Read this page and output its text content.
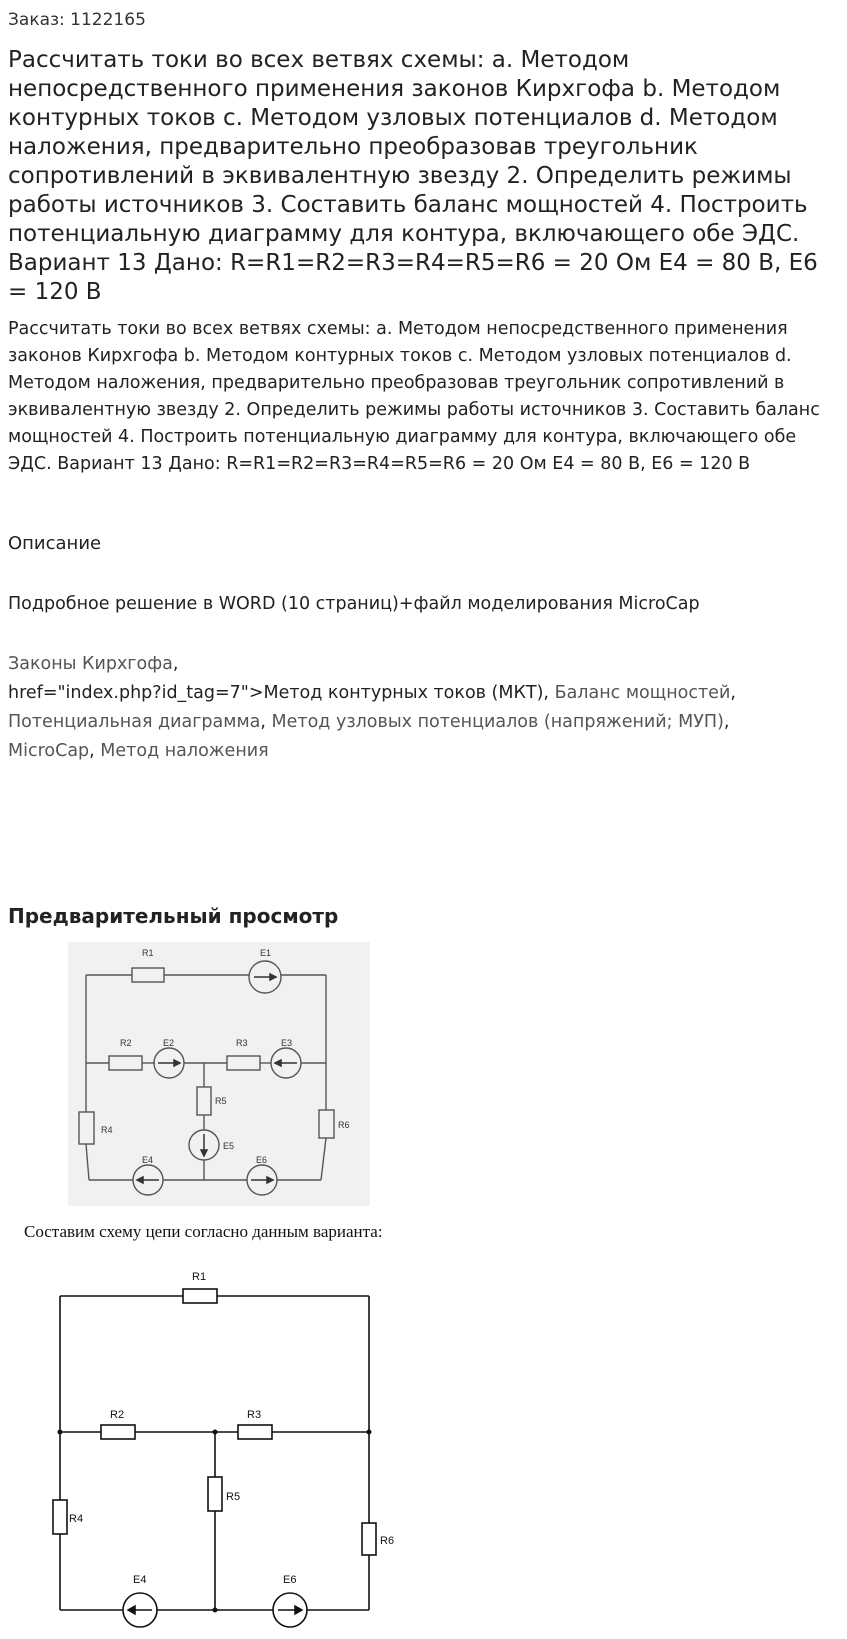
Заказ: 1122165
Рассчитать токи во всех ветвях схемы: a. Методом непосредственного применения законов Кирхгофа b. Методом контурных токов c. Методом узловых потенциалов d. Методом наложения, предварительно преобразовав треугольник сопротивлений в эквивалентную звезду 2. Определить режимы работы источников 3. Составить баланс мощностей 4. Построить потенциальную диаграмму для контура, включающего обе ЭДС. Вариант 13 Дано: R=R1=R2=R3=R4=R5=R6 = 20 Ом E4 = 80 В, E6 = 120 В
Рассчитать токи во всех ветвях схемы: a. Методом непосредственного применения законов Кирхгофа b. Методом контурных токов c. Методом узловых потенциалов d. Методом наложения, предварительно преобразовав треугольник сопротивлений в эквивалентную звезду 2. Определить режимы работы источников 3. Составить баланс мощностей 4. Построить потенциальную диаграмму для контура, включающего обе ЭДС. Вариант 13 Дано: R=R1=R2=R3=R4=R5=R6 = 20 Ом E4 = 80 В, E6 = 120 В
Описание
Подробное решение в WORD (10 страниц)+файл моделирования MicroCap
Законы Кирхгофа,
href="index.php?id_tag=7">Метод контурных токов (МКТ), Баланс мощностей,
Потенциальная диаграмма, Метод узловых потенциалов (напряжений; МУП),
MicroCap, Метод наложения
Предварительный просмотр
R1	E1
R2	E2	R3	E3
R5
E5
R4	R6
E4	E6
Составим схему цепи согласно данным варианта:
R1
R2	R3
R5
R4
R6
E4	E6
